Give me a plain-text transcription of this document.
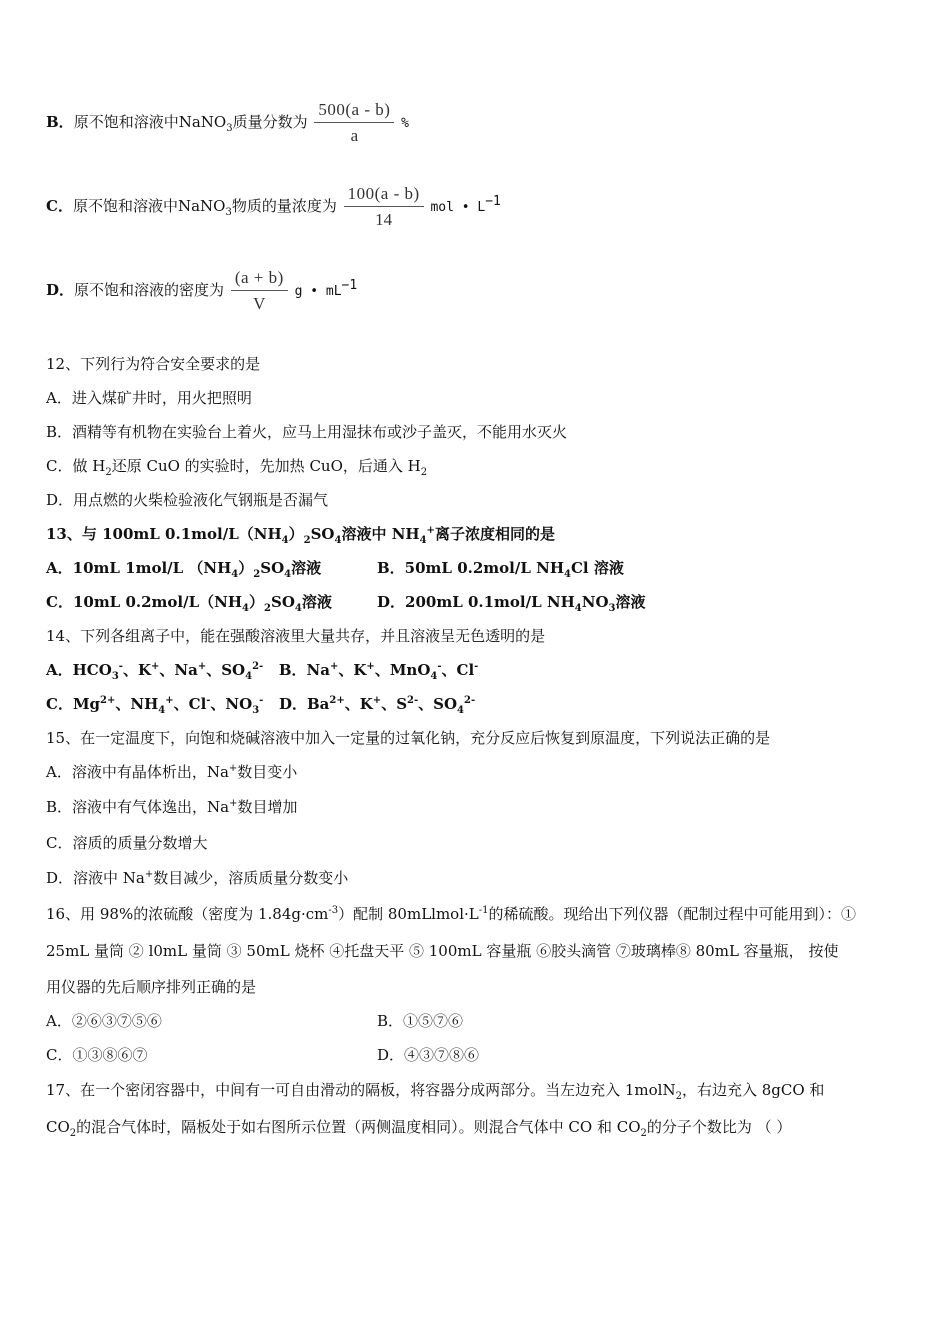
B．原不饱和溶液中NaNO$_3$质量分数为 $\frac{500(a - b)}{a}$ %
C．原不饱和溶液中NaNO$_3$物质的量浓度为 $\frac{100(a - b)}{14}$ mol • $L^{-1}$
D．原不饱和溶液的密度为 $\frac{(a + b)}{V}$ g • $mL^{-1}$
12、下列行为符合安全要求的是
A．进入煤矿井时，用火把照明
B．酒精等有机物在实验台上着火，应马上用湿抹布或沙子盖灭，不能用水灭火
C．做 $H_2$还原 CuO 的实验时，先加热 CuO，后通入 $H_2$
D．用点燃的火柴检验液化气钢瓶是否漏气
13、与 100mL $0.1mol/L(NH_4)_2SO_4$溶液中 $NH_4^+$离子浓度相同的是
A．10mL 1mol/L $(NH_4)_2SO_4$溶液	B．50mL 0.2mol/L $NH_4Cl$ 溶液
C．10mL $0.2mol/L(NH_4)_2SO_4$溶液	D．200mL 0.1mol/L $NH_4NO_3$溶液
14、下列各组离子中，能在强酸溶液里大量共存，并且溶液呈无色透明的是
A．$HCO_3^-$、K+、Na+、$SO_4^{2-}$ B．Na+、K+、MnO$_4$-、Cl-
C．$Mg^{2+}$、$NH_4^+$、Cl-、$NO_3^-$ D．$Ba^{2+}$、K+、$S^{2-}$、$SO_4^{2-}$
15、在一定温度下，向饱和烧碱溶液中加入一定量的过氧化钠，充分反应后恢复到原温度，下列说法正确的是
A．溶液中有晶体析出，Na+数目变小
B．溶液中有气体逸出，Na+数目增加
C．溶质的质量分数增大
D．溶液中 Na+数目减少，溶质质量分数变小
16、用 98%的浓硫酸（密度为 $1.84g\cdot cm^{-3}$）配制 $80mLlmol\cdot L^{-1}$的稀硫酸。现给出下列仪器（配制过程中可能用到）：①
25mL 量筒 ② l0mL 量筒 ③ 50mL 烧杯 ④托盘天平 ⑤ 100mL 容量瓶 ⑥胶头滴管 ⑦玻璃棒⑧ 80mL 容量瓶， 按使
用仪器的先后顺序排列正确的是
A．②⑥③⑦⑤⑥	B．①⑤⑦⑥
C．①③⑧⑥⑦	D．④③⑦⑧⑥
17、在一个密闭容器中，中间有一可自由滑动的隔板，将容器分成两部分。当左边充入 1molN$_2$，右边充入 8gCO 和
$CO_2$的混合气体时，隔板处于如右图所示位置（两侧温度相同）。则混合气体中 CO 和 $CO_2$的分子个数比为 （ ）
